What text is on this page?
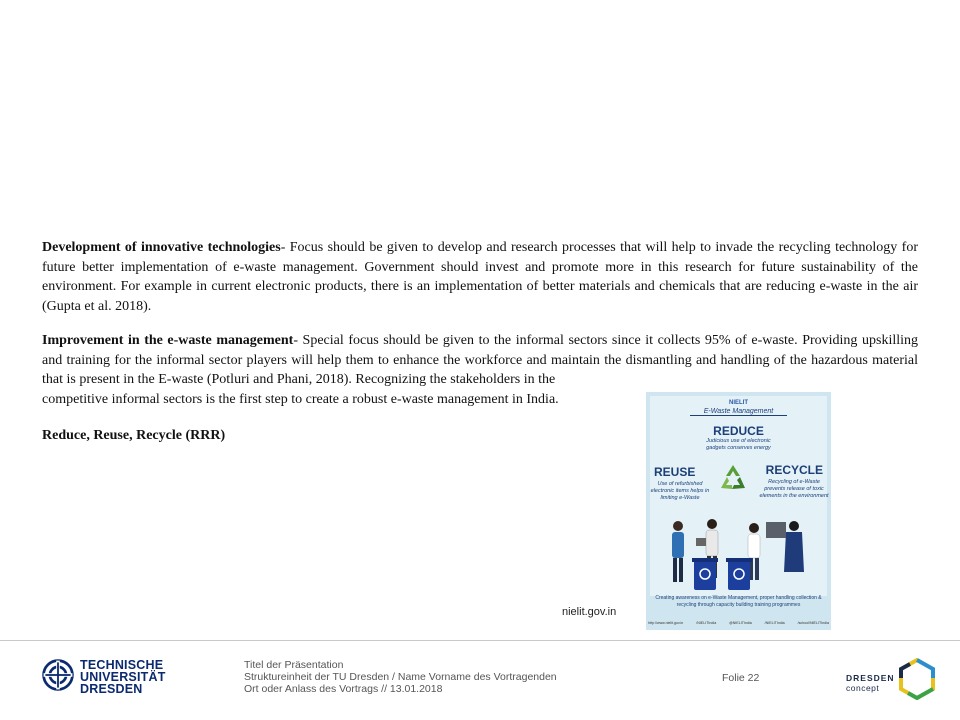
Development of innovative technologies- Focus should be given to develop and research processes that will help to invade the recycling technology for future better implementation of e-waste management. Government should invest and promote more in this research for future sustainability of the environment. For example in current electronic products, there is an implementation of better materials and chemicals that are reducing e-waste in the air (Gupta et al. 2018).

Improvement in the e-waste management- Special focus should be given to the informal sectors since it collects 95% of e-waste. Providing upskilling and training for the informal sector players will help them to enhance the workforce and maintain the dismantling and handling of the hazardous material that is present in the E-waste (Potluri and Phani, 2018). Recognizing the stakeholders in the
competitive informal sectors is the first step to create a robust e-waste management in India.

Reduce, Reuse, Recycle (RRR)

NIELIT
E-Waste Management
REDUCE
Judicious use of electronic gadgets conserves energy
REUSE
Use of refurbished electronic items helps in limiting e-Waste
RECYCLE
Recycling of e-Waste prevents release of toxic elements in the environment
Creating awareness on e-Waste Management, proper handling collection & recycling through capacity building training programmes
http://www.nielit.gov.in	/NIELITIndia	@NIELITIndia	/NIELITIndia	/school/NIELITIndia
nielit.gov.in
TECHNISCHE
UNIVERSITÄT
DRESDEN
Titel der Präsentation
Struktureinheit der TU Dresden / Name Vorname des Vortragenden
Ort oder Anlass des Vortrags // 13.01.2018
Folie 22	DRESDEN
concept
